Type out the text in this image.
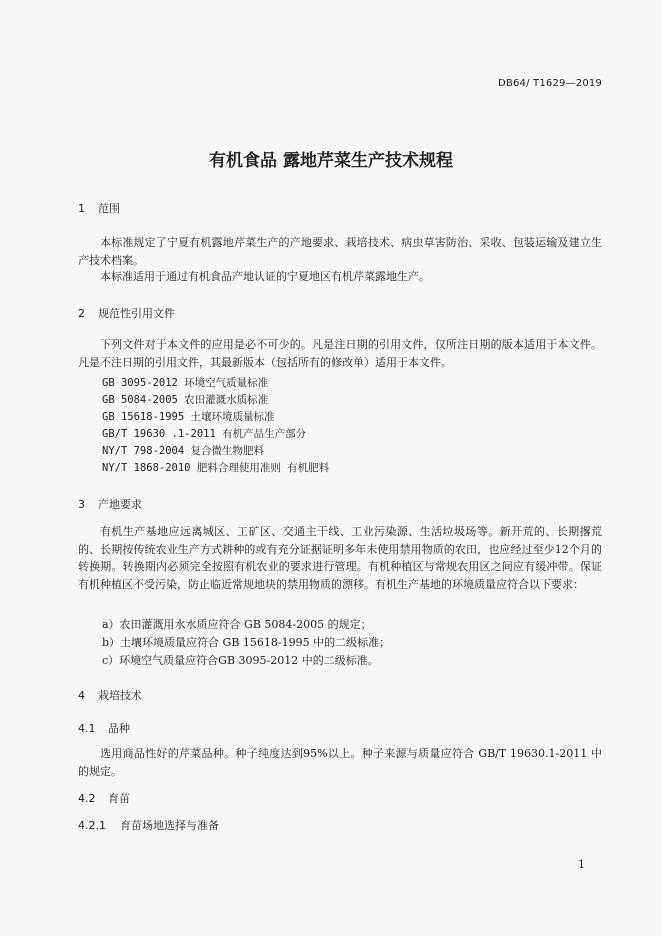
DB64/ T1629—2019
有机食品 露地芹菜生产技术规程
1 范围
本标准规定了宁夏有机露地芹菜生产的产地要求、栽培技术、病虫草害防治、采收、包装运输及建立生产技术档案。
本标准适用于通过有机食品产地认证的宁夏地区有机芹菜露地生产。
2 规范性引用文件
下列文件对于本文件的应用是必不可少的。凡是注日期的引用文件，仅所注日期的版本适用于本文件。凡是不注日期的引用文件，其最新版本（包括所有的修改单）适用于本文件。
GB 3095-2012 环境空气质量标准
GB 5084-2005 农田灌溉水质标准
GB 15618-1995 土壤环境质量标准
GB/T 19630 .1-2011 有机产品生产部分
NY/T 798-2004 复合微生物肥料
NY/T 1868-2010 肥料合理使用准则 有机肥料
3 产地要求
有机生产基地应远离城区、工矿区、交通主干线、工业污染源、生活垃圾场等。新开荒的、长期撂荒的、长期按传统农业生产方式耕种的或有充分证据证明多年未使用禁用物质的农田，也应经过至少12个月的转换期。转换期内必须完全按照有机农业的要求进行管理。有机种植区与常规农用区之间应有缓冲带。保证有机种植区不受污染，防止临近常规地块的禁用物质的漂移。有机生产基地的环境质量应符合以下要求：
a）农田灌溉用水水质应符合 GB 5084-2005 的规定；
b）土壤环境质量应符合 GB 15618-1995 中的二级标准；
c）环境空气质量应符合GB 3095-2012 中的二级标准。
4 栽培技术
4.1 品种
选用商品性好的芹菜品种。种子纯度达到95%以上。种子来源与质量应符合 GB/T 19630.1-2011 中的规定。
4.2 育苗
4.2.1 育苗场地选择与准备
1
